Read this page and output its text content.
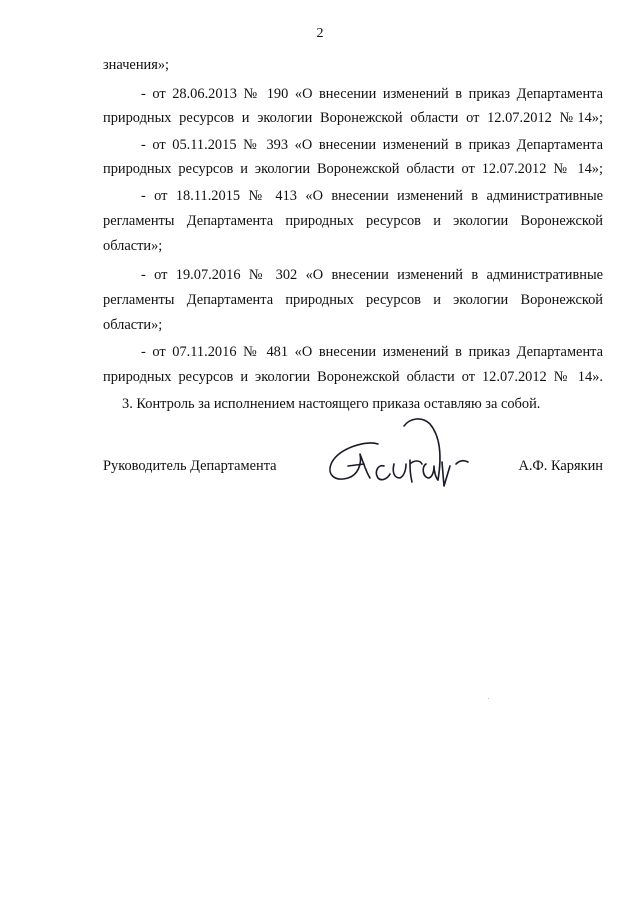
2
значения»;
- от 28.06.2013 № 190 «О внесении изменений в приказ Департамента
природных ресурсов и экологии Воронежской области от 12.07.2012 №14»;
- от 05.11.2015 № 393 «О внесении изменений в приказ Департамента
природных ресурсов и экологии Воронежской области от 12.07.2012 № 14»;
- от 18.11.2015 № 413 «О внесении изменений в административные
регламенты Департамента природных ресурсов и экологии Воронежской
области»;
- от 19.07.2016 № 302 «О внесении изменений в административные
регламенты Департамента природных ресурсов и экологии Воронежской
области»;
- от 07.11.2016 № 481 «О внесении изменений в приказ Департамента
природных ресурсов и экологии Воронежской области от 12.07.2012 № 14».
3. Контроль за исполнением настоящего приказа оставляю за собой.
Руководитель Департамента	А.Ф. Карякин
